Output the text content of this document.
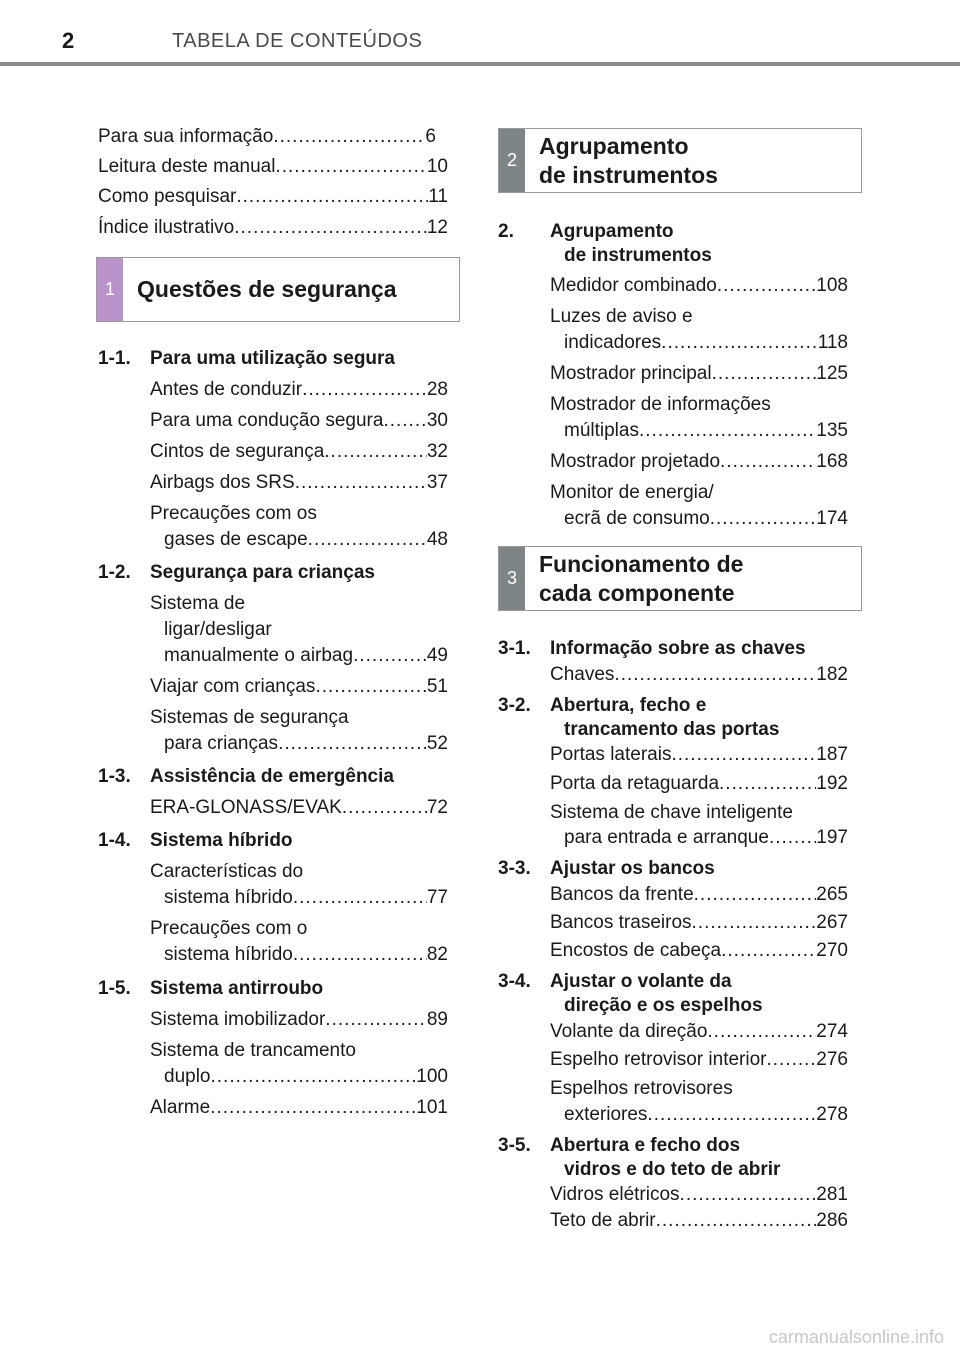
2	TABELA DE CONTEÚDOS
Para sua informação .....	6
Leitura deste manual .....	10
Como pesquisar .....	11
Índice ilustrativo .....	12
1 Questões de segurança
1-1. Para uma utilização segura
Antes de conduzir .....	28
Para uma condução segura ..... 30
Cintos de segurança .....	32
Airbags dos SRS .....	37
Precauções com os
gases de escape .....	48
1-2. Segurança para crianças
Sistema de
ligar/desligar
manualmente o airbag .....	49
Viajar com crianças .....	51
Sistemas de segurança
para crianças .....	52
1-3. Assistência de emergência
ERA-GLONASS/EVAK .....	72
1-4. Sistema híbrido
Características do
sistema híbrido .....	77
Precauções com o
sistema híbrido .....	82
1-5. Sistema antirroubo
Sistema imobilizador .....	89
Sistema de trancamento
duplo .....	100
Alarme .....	101
2
Agrupamento
de instrumentos
2. Agrupamento
de instrumentos
Medidor combinado .....	108
Luzes de aviso e
indicadores .....	118
Mostrador principal .....	125
Mostrador de informações
múltiplas .....	135
Mostrador projetado .....	168
Monitor de energia/
ecrã de consumo .....	174
3
Funcionamento de
cada componente
3-1. Informação sobre as chaves
Chaves .....	182
3-2. Abertura, fecho e
trancamento das portas
Portas laterais .....	187
Porta da retaguarda .....	192
Sistema de chave inteligente
para entrada e arranque ..... 197
3-3. Ajustar os bancos
Bancos da frente .....	265
Bancos traseiros .....	267
Encostos de cabeça .....	270
3-4. Ajustar o volante da
direção e os espelhos
Volante da direção .....	274
Espelho retrovisor interior .....	276
Espelhos retrovisores
exteriores .....	278
3-5. Abertura e fecho dos
vidros e do teto de abrir
Vidros elétricos .....	281
Teto de abrir .....	286
carmanualsonline.info
